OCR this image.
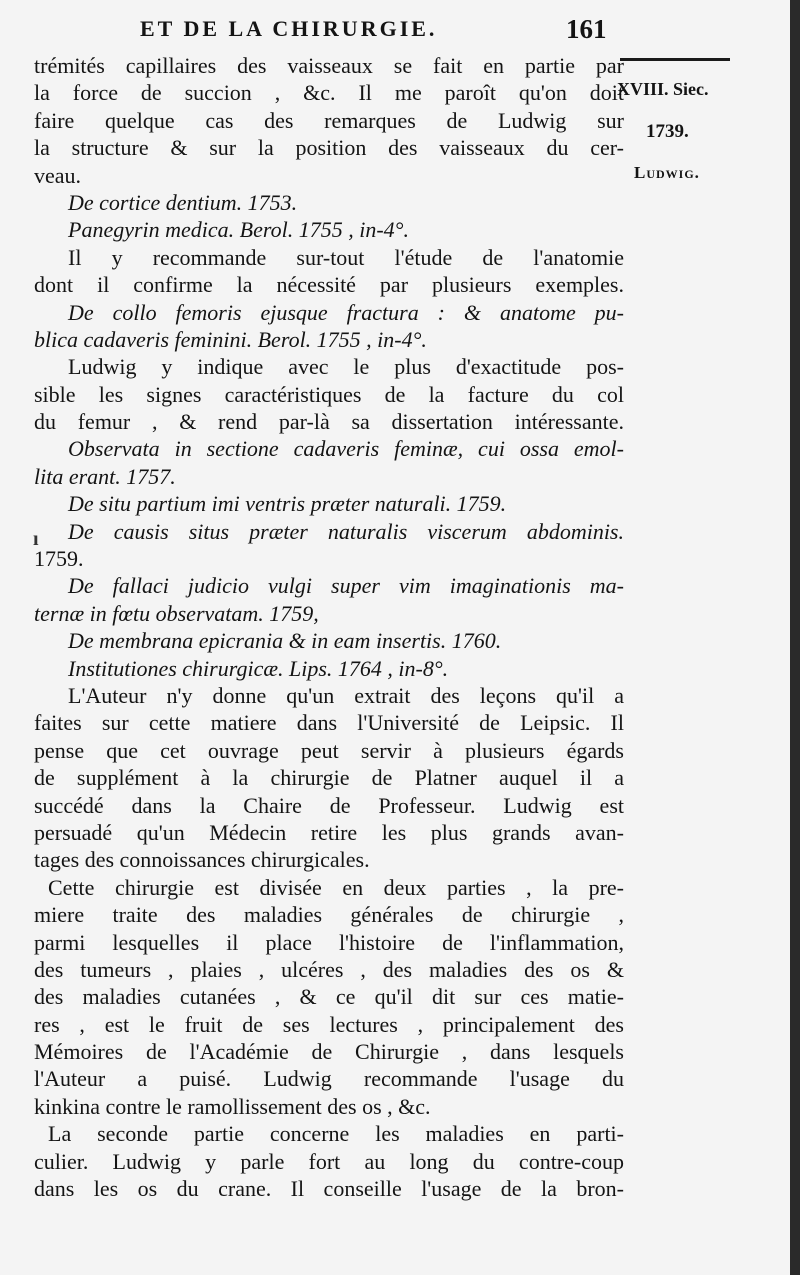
ET DE LA CHIRURGIE.	161
XVIII. Siec.
1739.
Ludwig.
ı
trémités capillaires des vaisseaux se fait en partie par
la force de succion , &c. Il me paroît qu'on doit
faire quelque cas des remarques de Ludwig sur
la structure & sur la position des vaisseaux du cer-
veau.
De cortice dentium. 1753.
Panegyrin medica. Berol. 1755 , in-4°.
Il y recommande sur-tout l'étude de l'anatomie
dont il confirme la nécessité par plusieurs exemples.
De collo femoris ejusque fractura : & anatome pu-
blica cadaveris feminini. Berol. 1755 , in-4°.
Ludwig y indique avec le plus d'exactitude pos-
sible les signes caractéristiques de la facture du col
du femur , & rend par-là sa dissertation intéressante.
Observata in sectione cadaveris feminæ, cui ossa emol-
lita erant. 1757.
De situ partium imi ventris præter naturali. 1759.
De causis situs præter naturalis viscerum abdominis.
1759.
De fallaci judicio vulgi super vim imaginationis ma-
ternæ in fœtu observatam. 1759,
De membrana epicrania & in eam insertis. 1760.
Institutiones chirurgicæ. Lips. 1764 , in-8°.
L'Auteur n'y donne qu'un extrait des leçons qu'il a
faites sur cette matiere dans l'Université de Leipsic. Il
pense que cet ouvrage peut servir à plusieurs égards
de supplément à la chirurgie de Platner auquel il a
succédé dans la Chaire de Professeur. Ludwig est
persuadé qu'un Médecin retire les plus grands avan-
tages des connoissances chirurgicales.
Cette chirurgie est divisée en deux parties , la pre-
miere traite des maladies générales de chirurgie ,
parmi lesquelles il place l'histoire de l'inflammation,
des tumeurs , plaies , ulcéres , des maladies des os &
des maladies cutanées , & ce qu'il dit sur ces matie-
res , est le fruit de ses lectures , principalement des
Mémoires de l'Académie de Chirurgie , dans lesquels
l'Auteur a puisé. Ludwig recommande l'usage du
kinkina contre le ramollissement des os , &c.
La seconde partie concerne les maladies en parti-
culier. Ludwig y parle fort au long du contre-coup
dans les os du crane. Il conseille l'usage de la bron-
